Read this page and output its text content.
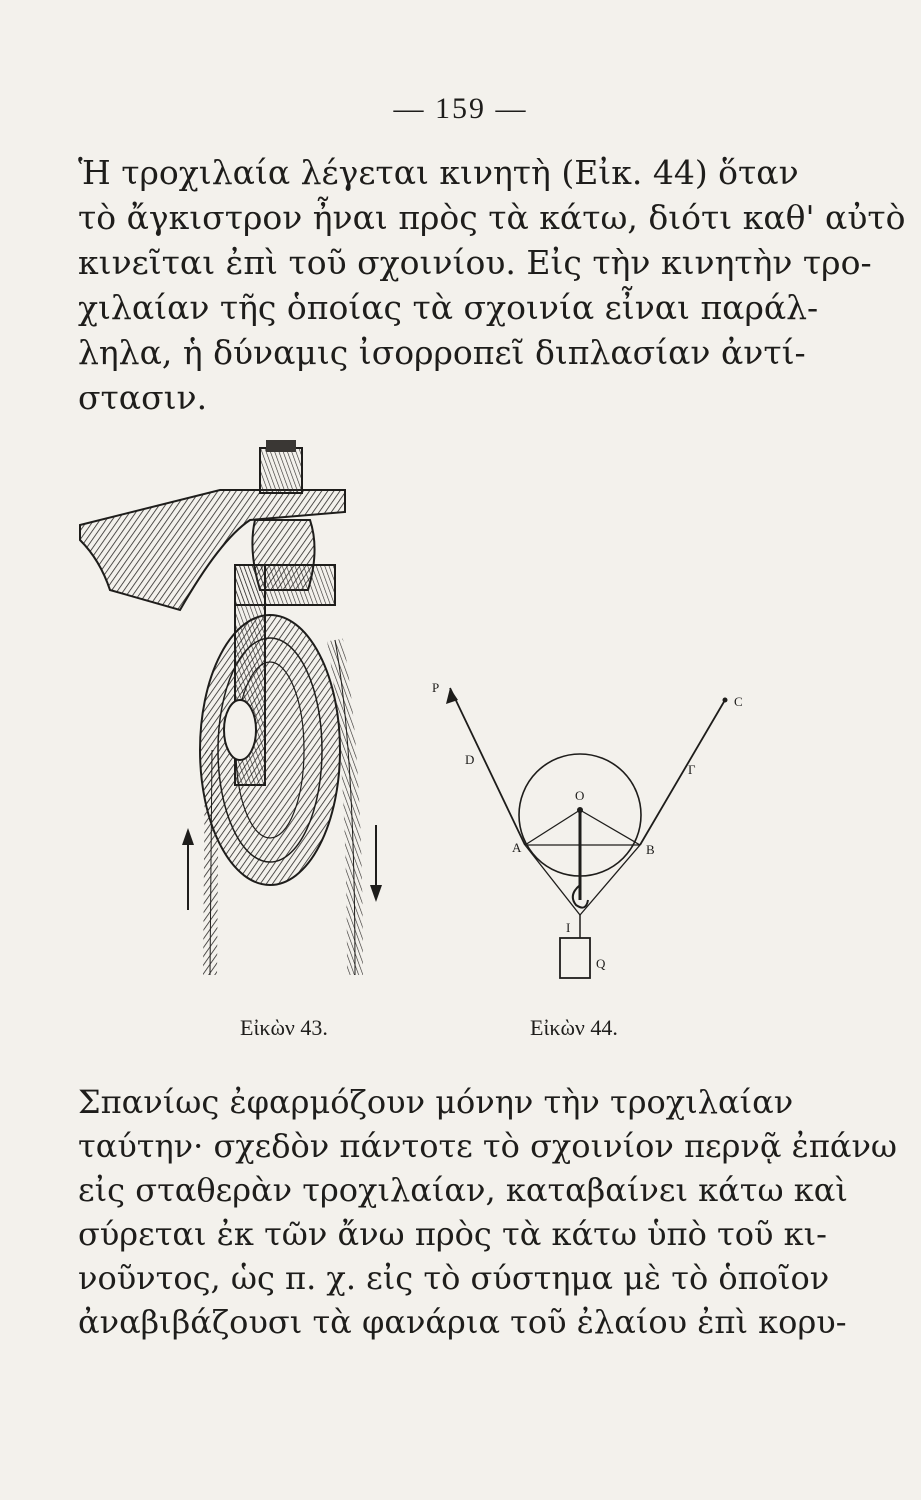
— 159 —
Ἡ τροχιλαία λέγεται κινητὴ (Εἰκ. 44) ὅταν
τὸ ἄγκιστρον ἦναι πρὸς τὰ κάτω, διότι καθ' αὐτὸ
κινεῖται ἐπὶ τοῦ σχοινίου. Εἰς τὴν κινητὴν τρο-
χιλαίαν τῆς ὁποίας τὰ σχοινία εἶναι παράλ-
ληλα, ἡ δύναμις ἰσορροπεῖ διπλασίαν ἀντί-
στασιν.
Εἰκὼν 43.
P
C
D
Γ
O
A	B
I
Q
Εἰκὼν 44.
Σπανίως ἐφαρμόζουν μόνην τὴν τροχιλαίαν
ταύτην· σχεδὸν πάντοτε τὸ σχοινίον περνᾷ ἐπάνω
εἰς σταθερὰν τροχιλαίαν, καταβαίνει κάτω καὶ
σύρεται ἐκ τῶν ἄνω πρὸς τὰ κάτω ὑπὸ τοῦ κι-
νοῦντος, ὡς π. χ. εἰς τὸ σύστημα μὲ τὸ ὁποῖον
ἀναβιβάζουσι τὰ φανάρια τοῦ ἐλαίου ἐπὶ κορυ-
